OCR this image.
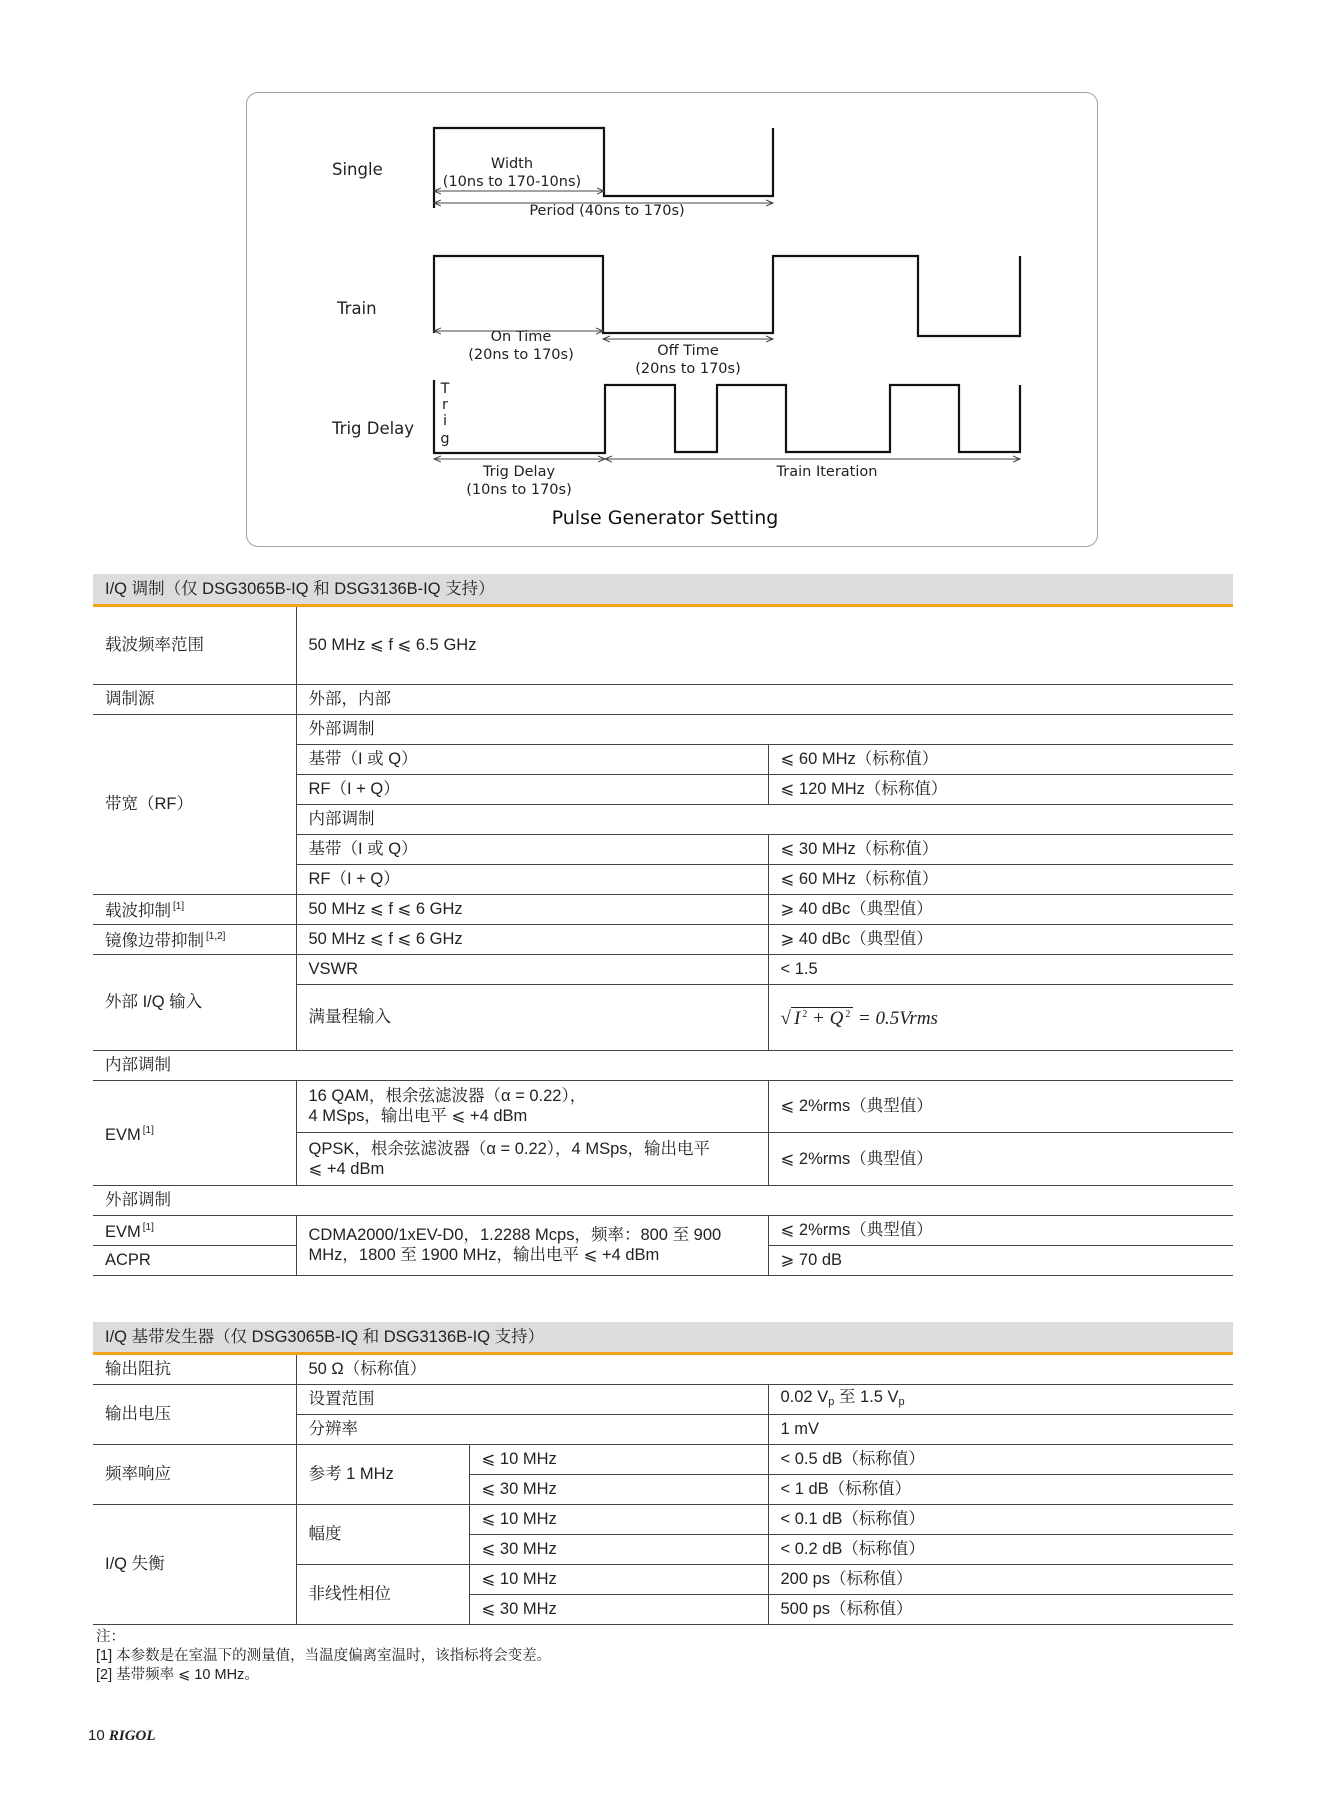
Single	Width
(10ns to 170-10ns)
Period (40ns to 170s)
Train
On Time
(20ns to 170s)	Off Time
(20ns to 170s)
Trig Delay
T
r
i
g
Trig Delay
(10ns to 170s)
Train Iteration
Pulse Generator Setting
I/Q 调制（仅 DSG3065B-IQ 和 DSG3136B-IQ 支持）
载波频率范围	50 MHz ⩽ f ⩽ 6.5 GHz	
调制源	外部，内部	
带宽（RF）	外部调制	
	基带（I 或 Q）	⩽ 60 MHz（标称值）
	RF（I + Q）	⩽ 120 MHz（标称值）
	内部调制	
	基带（I 或 Q）	⩽ 30 MHz（标称值）
	RF（I + Q）	⩽ 60 MHz（标称值）
载波抑制 [1]	50 MHz ⩽ f ⩽ 6 GHz	⩾ 40 dBc（典型值）
镜像边带抑制 [1,2]	50 MHz ⩽ f ⩽ 6 GHz	⩾ 40 dBc（典型值）
外部 I/Q 输入	VSWR	< 1.5
	满量程输入	√ I $^2$ + Q $^2$ = 0.5Vrms
内部调制		
EVM [1]	16 QAM，根余弦滤波器（α = 0.22），
4 MSps，输出电平 ⩽ +4 dBm	⩽ 2%rms（典型值）

	QPSK，根余弦滤波器（α = 0.22），4 MSps，输出电平
⩽ +4 dBm	⩽ 2%rms（典型值）
外部调制		
EVM [1]	CDMA2000/1xEV-D0，1.2288 Mcps，频率：800 至 900
MHz，1800 至 1900 MHz，输出电平 ⩽ +4 dBm	⩽ 2%rms（典型值）
ACPR		⩾ 70 dB
I/Q 基带发生器（仅 DSG3065B-IQ 和 DSG3136B-IQ 支持）
输出阻抗	50 Ω（标称值）		
输出电压	设置范围		0.02 $V_p$ 至 1.5 $V_p$
	分辨率		1 mV
频率响应	参考 1 MHz	⩽ 10 MHz	< 0.5 dB（标称值）
		⩽ 30 MHz	< 1 dB（标称值）
I/Q 失衡	幅度	⩽ 10 MHz	< 0.1 dB（标称值）
		⩽ 30 MHz	< 0.2 dB（标称值）
	非线性相位	⩽ 10 MHz	200 ps（标称值）
		⩽ 30 MHz	500 ps（标称值）
注：
[1] 本参数是在室温下的测量值，当温度偏离室温时，该指标将会变差。
[2] 基带频率 ⩽ 10 MHz。
10 RIGOL
